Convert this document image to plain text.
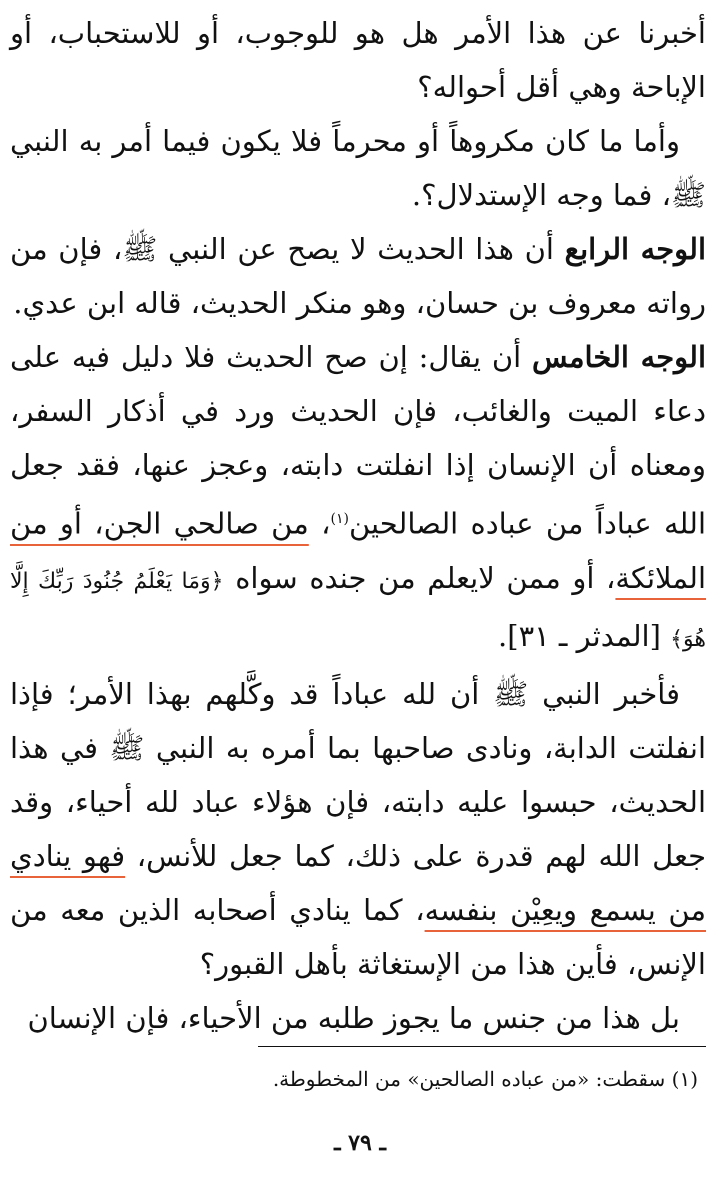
أخبرنا عن هذا الأمر هل هو للوجوب، أو للاستحباب، أو الإباحة وهي أقل أحواله؟

وأما ما كان مكروهاً أو محرماً فلا يكون فيما أمر به النبي ﷺ، فما وجه الإستدلال؟.

الوجه الرابع أن هذا الحديث لا يصح عن النبي ﷺ، فإن من رواته معروف بن حسان، وهو منكر الحديث، قاله ابن عدي.

الوجه الخامس أن يقال: إن صح الحديث فلا دليل فيه على دعاء الميت والغائب، فإن الحديث ورد في أذكار السفر، ومعناه أن الإنسان إذا انفلتت دابته، وعجز عنها، فقد جعل الله عباداً من عباده الصالحين$^{(١)}$، من صالحي الجن، أو من الملائكة، أو ممن لايعلم من جنده سواه ﴿وَمَا يَعْلَمُ جُنُودَ رَبِّكَ إِلَّا هُوَ﴾ [المدثر ـ ٣١].

فأخبر النبي ﷺ أن لله عباداً قد وكَّلهم بهذا الأمر؛ فإذا انفلتت الدابة، ونادى صاحبها بما أمره به النبي ﷺ في هذا الحديث، حبسوا عليه دابته، فإن هؤلاء عباد لله أحياء، وقد جعل الله لهم قدرة على ذلك، كما جعل للأنس، فهو ينادي من يسمع ويعِيْن بنفسه، كما ينادي أصحابه الذين معه من الإنس، فأين هذا من الإستغاثة بأهل القبور؟

بل هذا من جنس ما يجوز طلبه من الأحياء، فإن الإنسان

(١) سقطت: «من عباده الصالحين» من المخطوطة.
ـ ٧٩ ـ
